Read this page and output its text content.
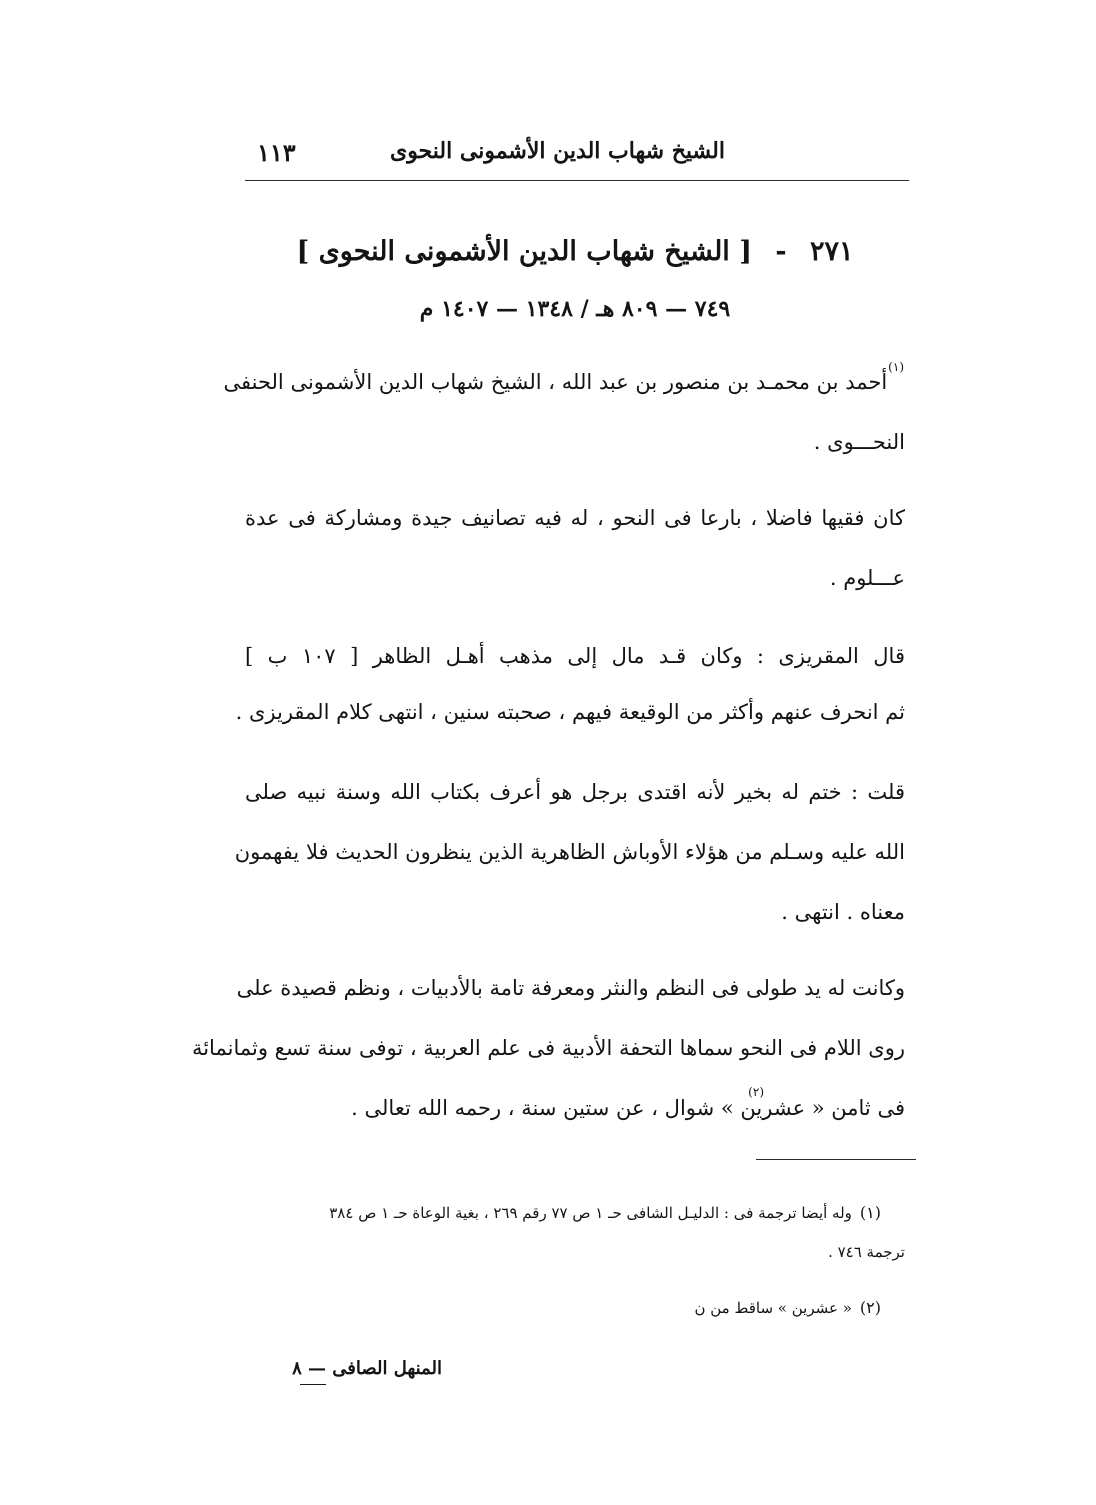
الشيخ شهاب الدين الأشمونى النحوى
١١٣
٢٧١ - [ الشيخ شهاب الدين الأشمونى النحوى ]
٧٤٩ — ٨٠٩ هـ / ١٣٤٨ — ١٤٠٧ م
$^{(١)}$أحمد بن محمـد بن منصور بن عبد الله ، الشيخ شهاب الدين الأشمونى الحنفى
النحـــوى .
كان فقيها فاضلا ، بارعا فى النحو ، له فيه تصانيف جيدة ومشاركة فى عدة
عـــلوم .
قال المقريزى : وكان قـد مال إلى مذهب أهـل الظاهر [ ١٠٧ ب ]
ثم انحرف عنهم وأكثر من الوقيعة فيهم ، صحبته سنين ، انتهى كلام المقريزى .
قلت : ختم له بخير لأنه اقتدى برجل هو أعرف بكتاب الله وسنة نبيه صلى
الله عليه وسـلم من هؤلاء الأوباش الظاهرية الذين ينظرون الحديث فلا يفهمون
معناه . انتهى .
وكانت له يد طولى فى النظم والنثر ومعرفة تامة بالأدبيات ، ونظم قصيدة على
روى اللام فى النحو سماها التحفة الأدبية فى علم العربية ، توفى سنة تسع وثمانمائة
فى ثامن « عشرين » شوال ، عن ستين سنة ، رحمه الله تعالى .
(٢)
(١)وله أيضا ترجمة فى : الدليـل الشافى حـ ١ ص ٧٧ رقم ٢٦٩ ، بغية الوعاة حـ ١ ص ٣٨٤
ترجمة ٧٤٦ .
(٢)« عشرين » ساقط من ن
المنهل الصافى — ٨
